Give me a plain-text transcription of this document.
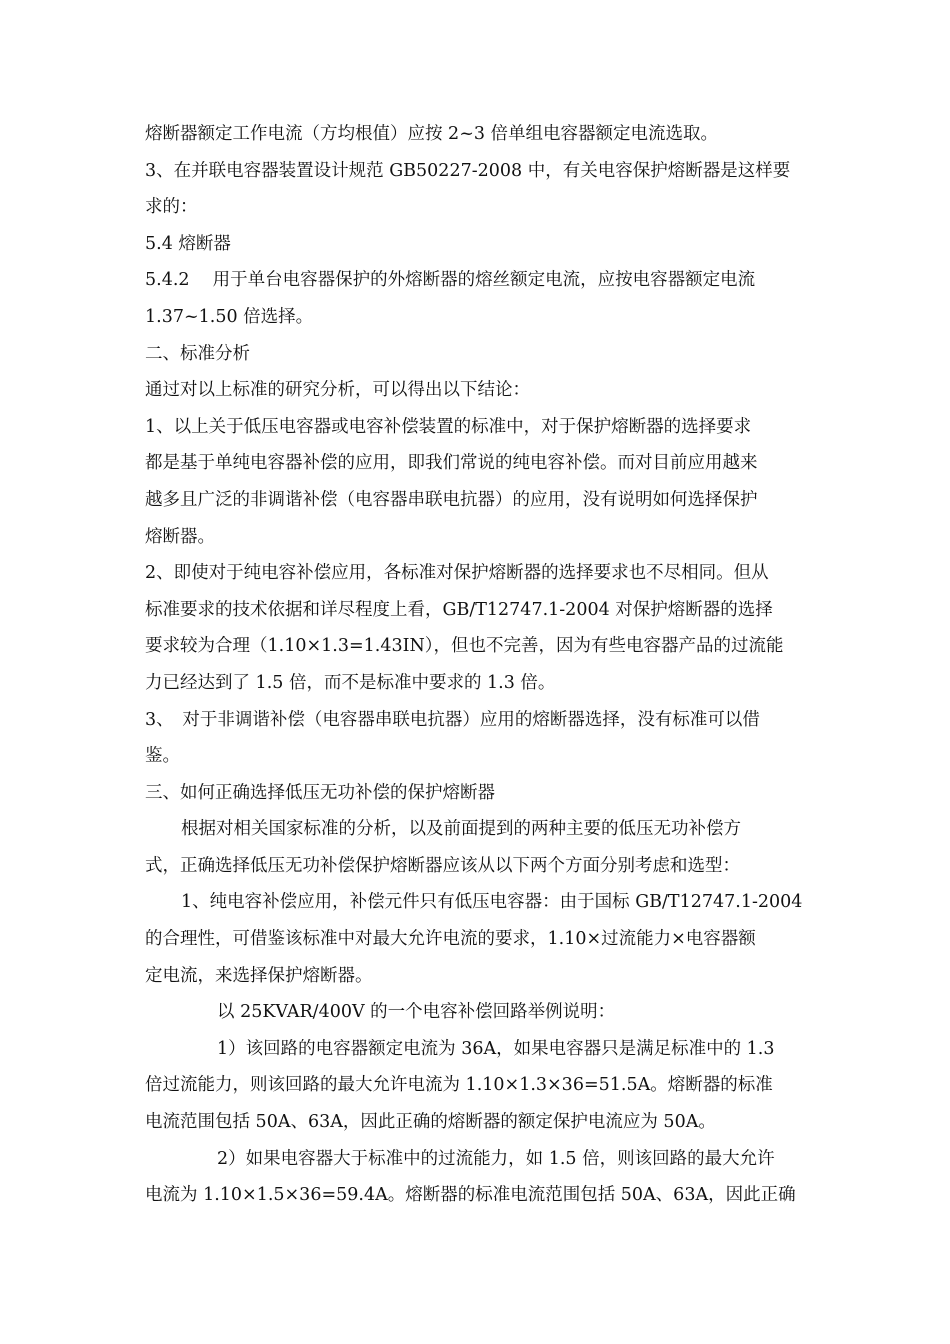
熔断器额定工作电流（方均根值）应按 2~3 倍单组电容器额定电流选取。

3、在并联电容器装置设计规范 GB50227-2008 中，有关电容保护熔断器是这样要

求的：

5.4 熔断器

5.4.2　 用于单台电容器保护的外熔断器的熔丝额定电流，应按电容器额定电流

1.37~1.50 倍选择。

二、标准分析

通过对以上标准的研究分析，可以得出以下结论：

1、以上关于低压电容器或电容补偿装置的标准中，对于保护熔断器的选择要求

都是基于单纯电容器补偿的应用，即我们常说的纯电容补偿。而对目前应用越来

越多且广泛的非调谐补偿（电容器串联电抗器）的应用，没有说明如何选择保护

熔断器。

2、即使对于纯电容补偿应用，各标准对保护熔断器的选择要求也不尽相同。但从

标准要求的技术依据和详尽程度上看，GB/T12747.1-2004 对保护熔断器的选择

要求较为合理（1.10×1.3=1.43IN），但也不完善，因为有些电容器产品的过流能

力已经达到了 1.5 倍，而不是标准中要求的 1.3 倍。

3、　对于非调谐补偿（电容器串联电抗器）应用的熔断器选择，没有标准可以借

鉴。

三、如何正确选择低压无功补偿的保护熔断器

根据对相关国家标准的分析，以及前面提到的两种主要的低压无功补偿方

式，正确选择低压无功补偿保护熔断器应该从以下两个方面分别考虑和选型：

1、纯电容补偿应用，补偿元件只有低压电容器：由于国标 GB/T12747.1-2004

的合理性，可借鉴该标准中对最大允许电流的要求，1.10×过流能力×电容器额

定电流，来选择保护熔断器。

以 25KVAR/400V 的一个电容补偿回路举例说明：

1）该回路的电容器额定电流为 36A，如果电容器只是满足标准中的 1.3

倍过流能力，则该回路的最大允许电流为 1.10×1.3×36=51.5A。熔断器的标准

电流范围包括 50A、63A，因此正确的熔断器的额定保护电流应为 50A。

2）如果电容器大于标准中的过流能力，如 1.5 倍，则该回路的最大允许

电流为 1.10×1.5×36=59.4A。熔断器的标准电流范围包括 50A、63A，因此正确
